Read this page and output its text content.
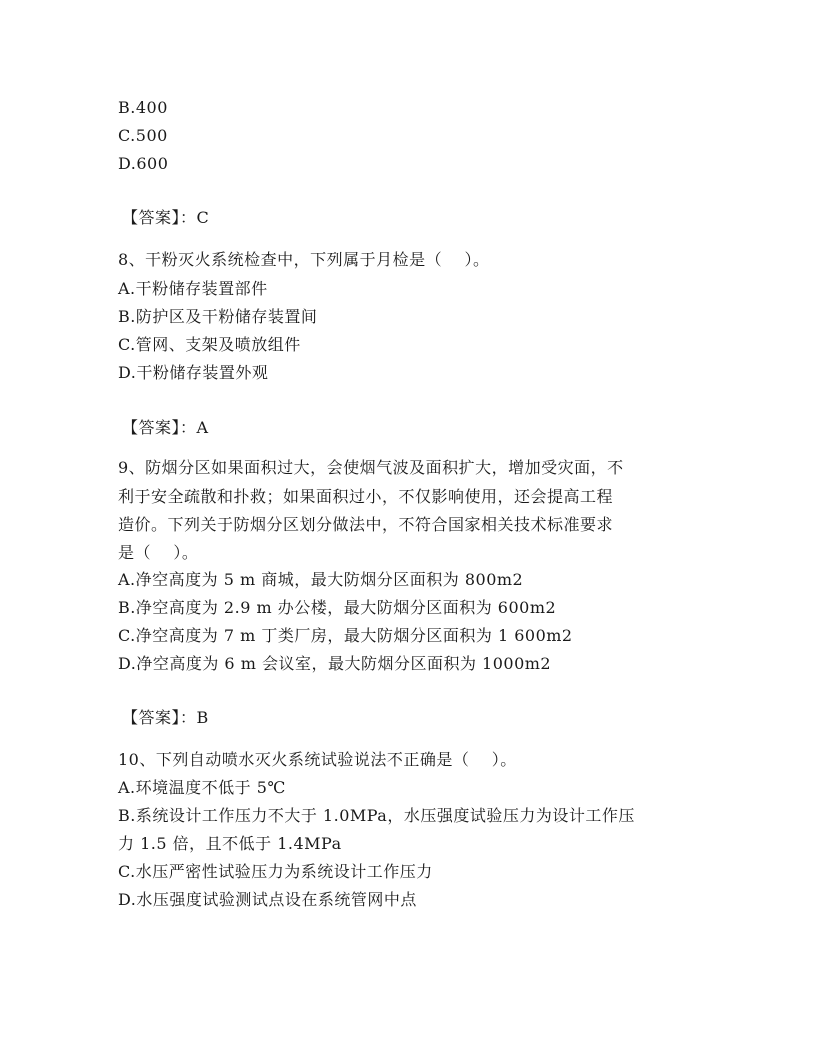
B.400
C.500
D.600
【答案】：C
8、干粉灭火系统检查中，下列属于月检是（    ）。
A.干粉储存装置部件
B.防护区及干粉储存装置间
C.管网、支架及喷放组件
D.干粉储存装置外观
【答案】：A
9、防烟分区如果面积过大，会使烟气波及面积扩大，增加受灾面，不
利于安全疏散和扑救；如果面积过小，不仅影响使用，还会提高工程
造价。下列关于防烟分区划分做法中，不符合国家相关技术标准要求
是（    ）。
A.净空高度为 5 m 商城，最大防烟分区面积为 800m2
B.净空高度为 2.9 m 办公楼，最大防烟分区面积为 600m2
C.净空高度为 7 m 丁类厂房，最大防烟分区面积为 1 600m2
D.净空高度为 6 m 会议室，最大防烟分区面积为 1000m2
【答案】：B
10、下列自动喷水灭火系统试验说法不正确是（    ）。
A.环境温度不低于 5℃
B.系统设计工作压力不大于 1.0MPa，水压强度试验压力为设计工作压
力 1.5 倍，且不低于 1.4MPa
C.水压严密性试验压力为系统设计工作压力
D.水压强度试验测试点设在系统管网中点
